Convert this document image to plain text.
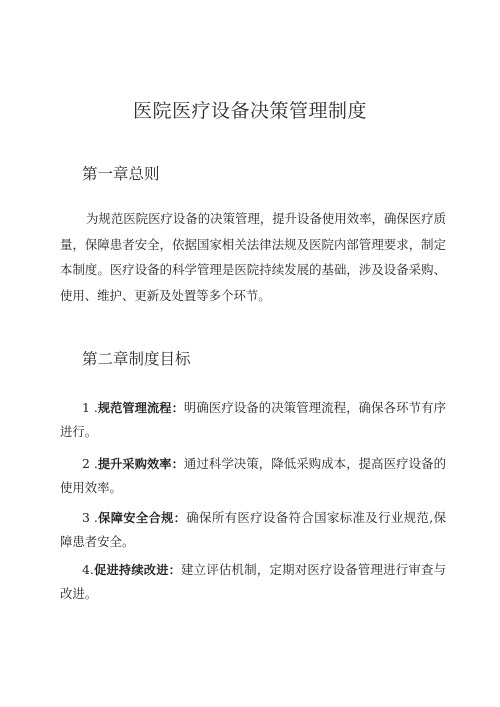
医院医疗设备决策管理制度
第一章总则
为规范医院医疗设备的决策管理，提升设备使用效率，确保医疗质量，保障患者安全，依据国家相关法律法规及医院内部管理要求，制定本制度。医疗设备的科学管理是医院持续发展的基础，涉及设备采购、使用、维护、更新及处置等多个环节。
第二章制度目标
1 .规范管理流程：明确医疗设备的决策管理流程，确保各环节有序进行。
2 .提升采购效率：通过科学决策，降低采购成本，提高医疗设备的使用效率。
3 .保障安全合规：确保所有医疗设备符合国家标准及行业规范,保障患者安全。
4.促进持续改进：建立评估机制，定期对医疗设备管理进行审查与改进。
